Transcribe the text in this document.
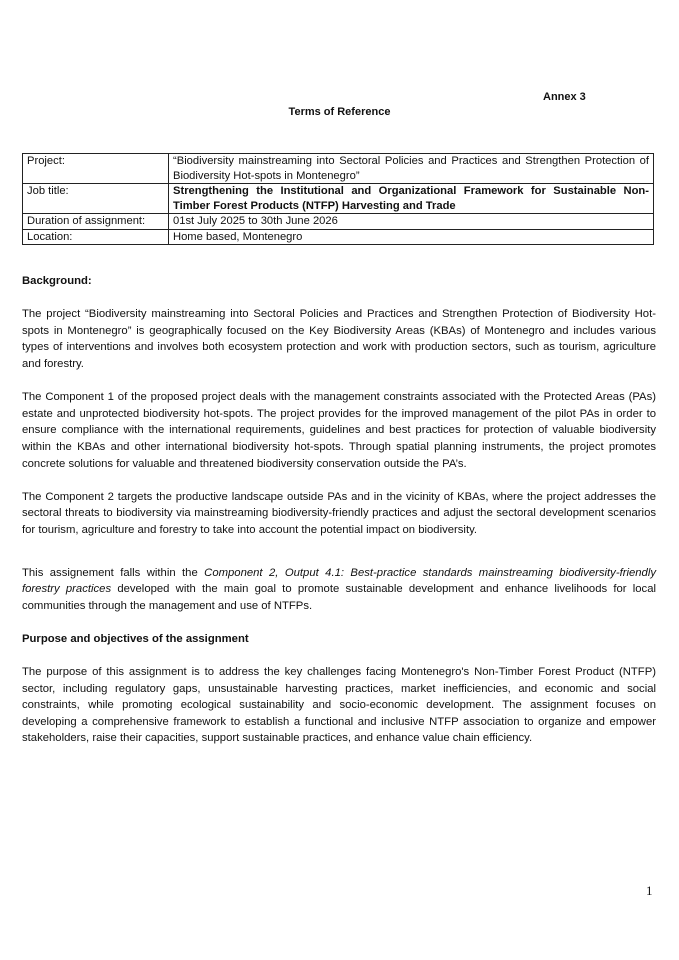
Annex 3
Terms of Reference
Project:	“Biodiversity mainstreaming into Sectoral Policies and Practices and Strengthen Protection of Biodiversity Hot-spots in Montenegro”
Job title:	Strengthening the Institutional and Organizational Framework for Sustainable Non-Timber Forest Products (NTFP) Harvesting and Trade
Duration of assignment:	01st July 2025 to 30th June 2026
Location:	Home based, Montenegro

Background:

The project “Biodiversity mainstreaming into Sectoral Policies and Practices and Strengthen Protection of Biodiversity Hot-spots in Montenegro” is geographically focused on the Key Biodiversity Areas (KBAs) of Montenegro and includes various types of interventions and involves both ecosystem protection and work with production sectors, such as tourism, agriculture and forestry.

The Component 1 of the proposed project deals with the management constraints associated with the Protected Areas (PAs) estate and unprotected biodiversity hot-spots. The project provides for the improved management of the pilot PAs in order to ensure compliance with the international requirements, guidelines and best practices for protection of valuable biodiversity within the KBAs and other international biodiversity hot-spots. Through spatial planning instruments, the project promotes concrete solutions for valuable and threatened biodiversity conservation outside the PA’s.

The Component 2 targets the productive landscape outside PAs and in the vicinity of KBAs, where the project addresses the sectoral threats to biodiversity via mainstreaming biodiversity-friendly practices and adjust the sectoral development scenarios for tourism, agriculture and forestry to take into account the potential impact on biodiversity.

This assignement falls within the Component 2, Output 4.1: Best-practice standards mainstreaming biodiversity-friendly forestry practices developed with the main goal to promote sustainable development and enhance livelihoods for local communities through the management and use of NTFPs.

Purpose and objectives of the assignment

The purpose of this assignment is to address the key challenges facing Montenegro's Non-Timber Forest Product (NTFP) sector, including regulatory gaps, unsustainable harvesting practices, market inefficiencies, and economic and social constraints, while promoting ecological sustainability and socio-economic development. The assignment focuses on developing a comprehensive framework to establish a functional and inclusive NTFP association to organize and empower stakeholders, raise their capacities, support sustainable practices, and enhance value chain efficiency.

1
